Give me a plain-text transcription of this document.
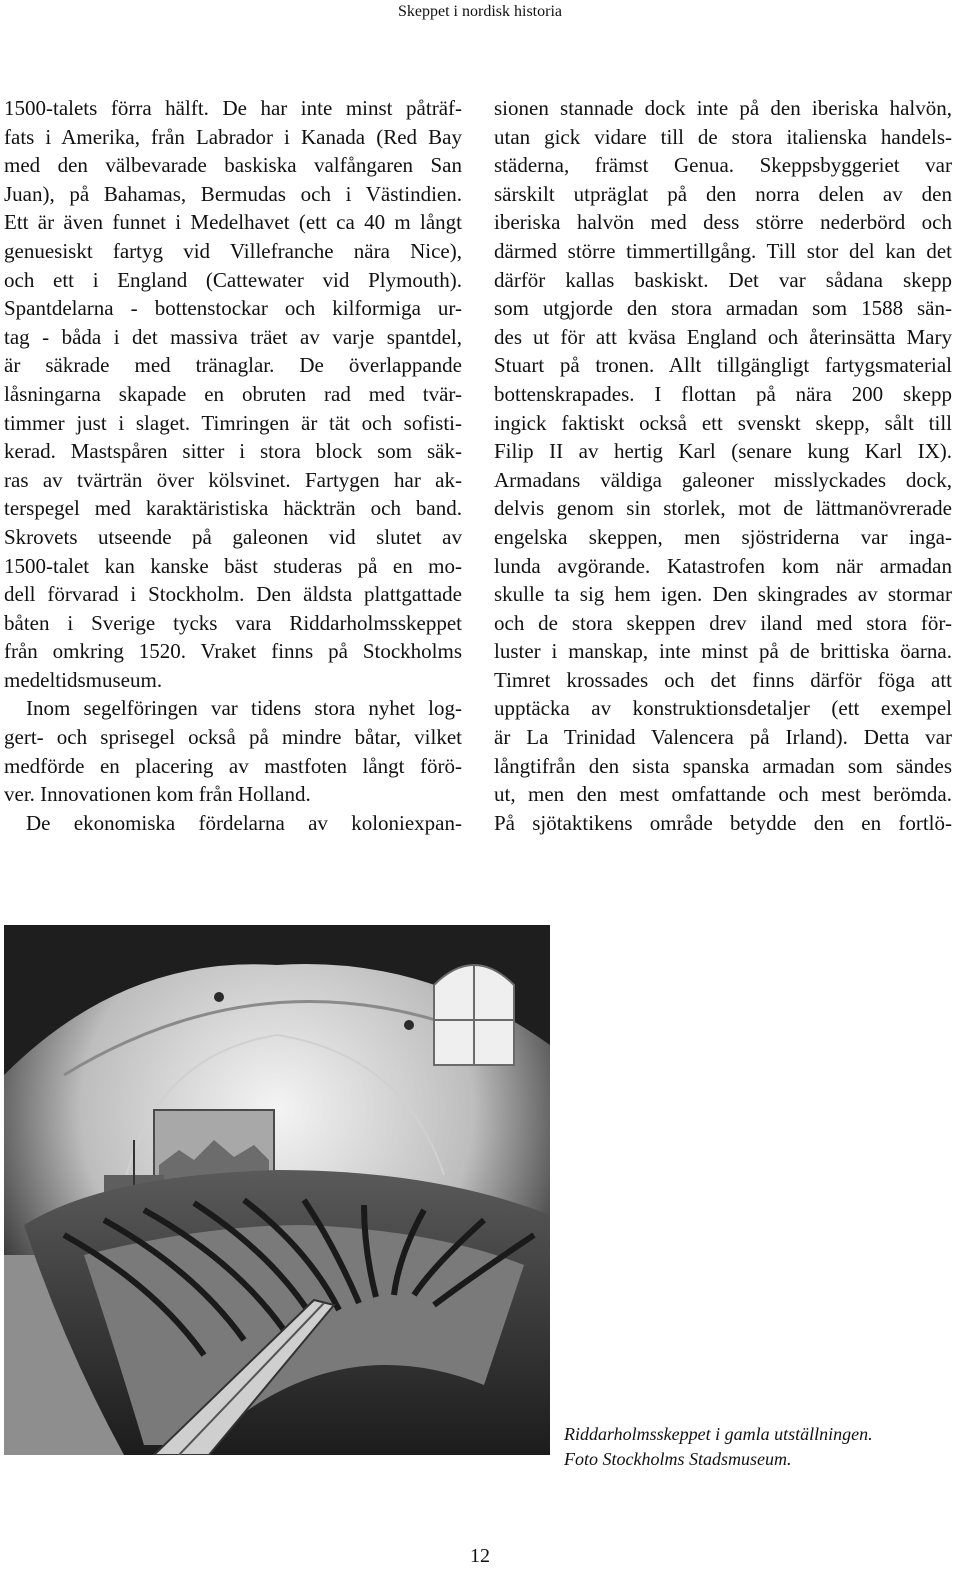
Skeppet i nordisk historia
1500-talets förra hälft. De har inte minst påträf-
fats i Amerika, från Labrador i Kanada (Red Bay
med den välbevarade baskiska valfångaren San
Juan), på Bahamas, Bermudas och i Västindien.
Ett är även funnet i Medelhavet (ett ca 40 m långt
genuesiskt fartyg vid Villefranche nära Nice),
och ett i England (Cattewater vid Plymouth).
Spantdelarna - bottenstockar och kilformiga ur-
tag - båda i det massiva träet av varje spantdel,
är säkrade med tränaglar. De överlappande
låsningarna skapade en obruten rad med tvär-
timmer just i slaget. Timringen är tät och sofisti-
kerad. Mastspåren sitter i stora block som säk-
ras av tvärträn över kölsvinet. Fartygen har ak-
terspegel med karaktäristiska häckträn och band.
Skrovets utseende på galeonen vid slutet av
1500-talet kan kanske bäst studeras på en mo-
dell förvarad i Stockholm. Den äldsta plattgattade
båten i Sverige tycks vara Riddarholmsskeppet
från omkring 1520. Vraket finns på Stockholms
medeltidsmuseum.
Inom segelföringen var tidens stora nyhet log-
gert- och sprisegel också på mindre båtar, vilket
medförde en placering av mastfoten långt förö-
ver. Innovationen kom från Holland.
De ekonomiska fördelarna av koloniexpan-
sionen stannade dock inte på den iberiska halvön,
utan gick vidare till de stora italienska handels-
städerna, främst Genua. Skeppsbyggeriet var
särskilt utpräglat på den norra delen av den
iberiska halvön med dess större nederbörd och
därmed större timmertillgång. Till stor del kan det
därför kallas baskiskt. Det var sådana skepp
som utgjorde den stora armadan som 1588 sän-
des ut för att kväsa England och återinsätta Mary
Stuart på tronen. Allt tillgängligt fartygsmaterial
bottenskrapades. I flottan på nära 200 skepp
ingick faktiskt också ett svenskt skepp, sålt till
Filip II av hertig Karl (senare kung Karl IX).
Armadans väldiga galeoner misslyckades dock,
delvis genom sin storlek, mot de lättmanövrerade
engelska skeppen, men sjöstriderna var inga-
lunda avgörande. Katastrofen kom när armadan
skulle ta sig hem igen. Den skingrades av stormar
och de stora skeppen drev iland med stora för-
luster i manskap, inte minst på de brittiska öarna.
Timret krossades och det finns därför föga att
upptäcka av konstruktionsdetaljer (ett exempel
är La Trinidad Valencera på Irland). Detta var
långtifrån den sista spanska armadan som sändes
ut, men den mest omfattande och mest berömda.
På sjötaktikens område betydde den en fortlö-
Riddarholmsskeppet i gamla utställningen.
Foto Stockholms Stadsmuseum.
12
